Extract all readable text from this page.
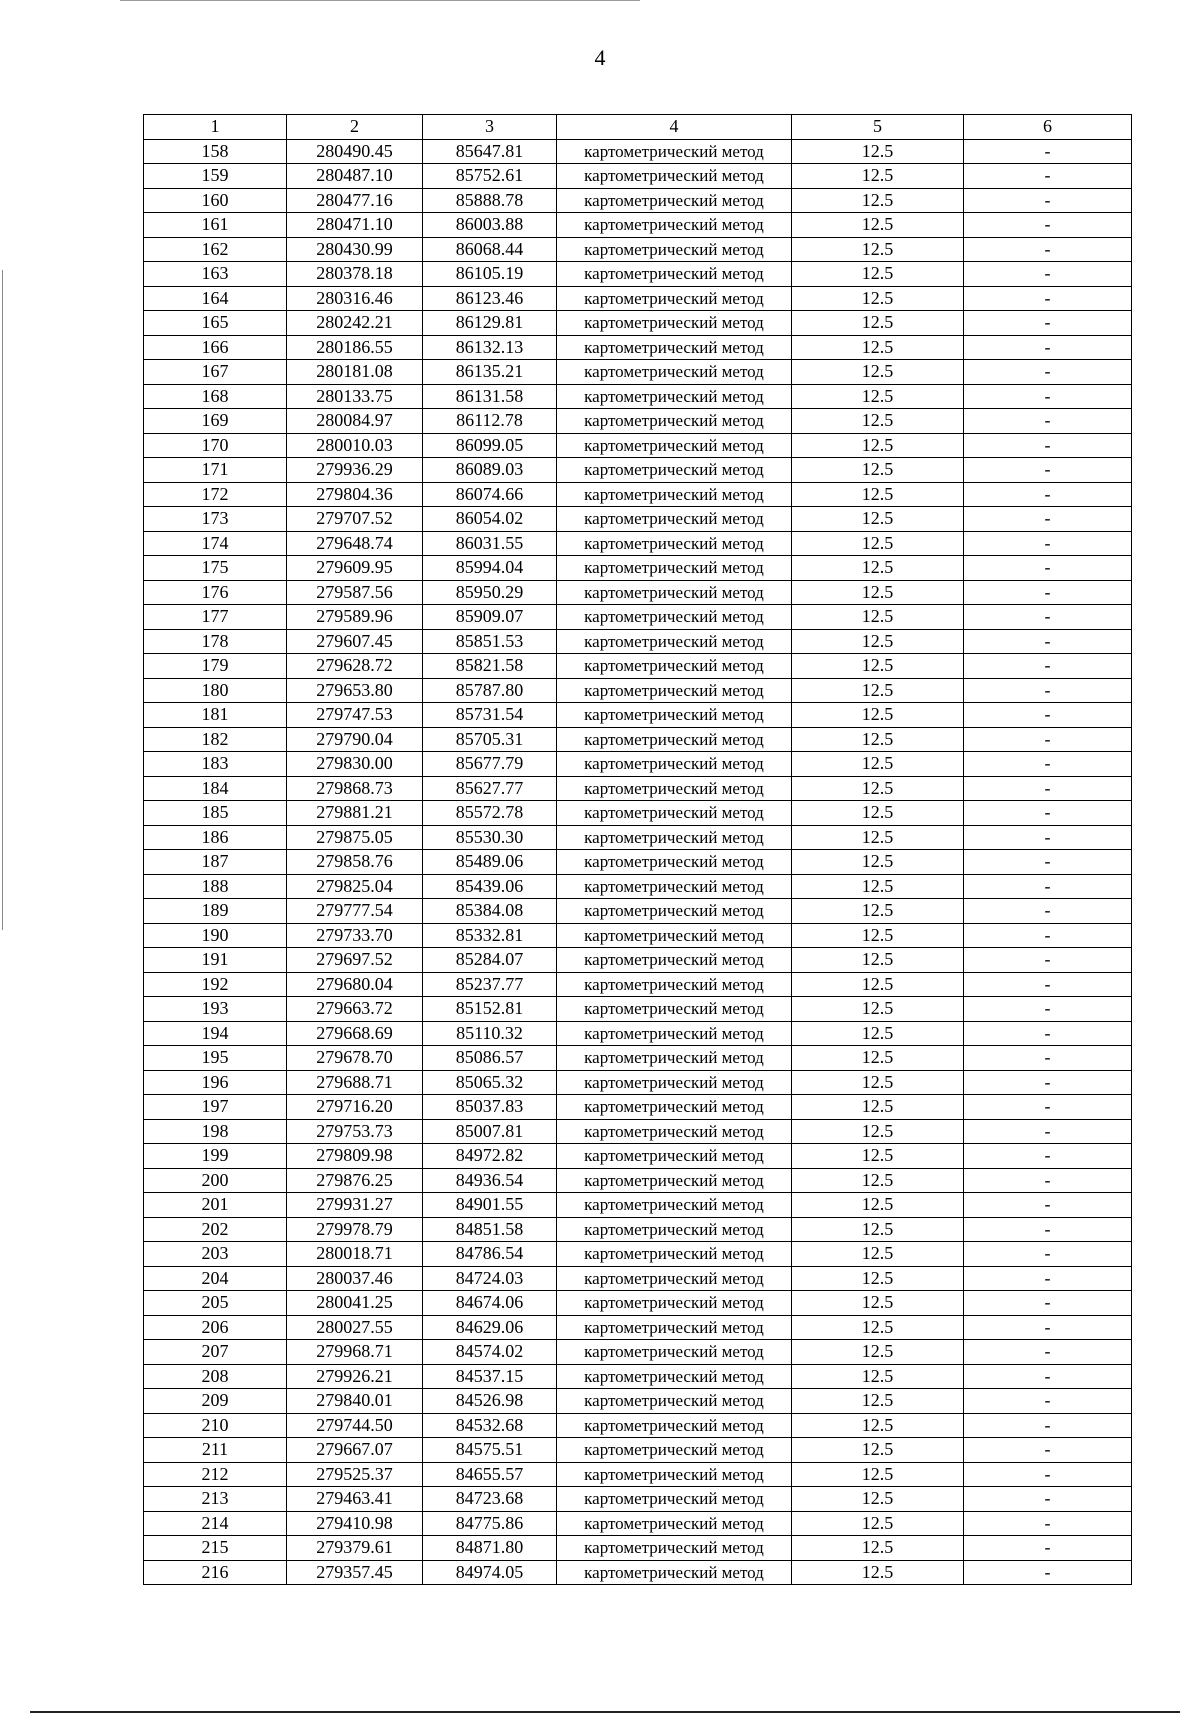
4
1	2	3	4	5	6
158	280490.45	85647.81	картометрический метод	12.5	-
159	280487.10	85752.61	картометрический метод	12.5	-
160	280477.16	85888.78	картометрический метод	12.5	-
161	280471.10	86003.88	картометрический метод	12.5	-
162	280430.99	86068.44	картометрический метод	12.5	-
163	280378.18	86105.19	картометрический метод	12.5	-
164	280316.46	86123.46	картометрический метод	12.5	-
165	280242.21	86129.81	картометрический метод	12.5	-
166	280186.55	86132.13	картометрический метод	12.5	-
167	280181.08	86135.21	картометрический метод	12.5	-
168	280133.75	86131.58	картометрический метод	12.5	-
169	280084.97	86112.78	картометрический метод	12.5	-
170	280010.03	86099.05	картометрический метод	12.5	-
171	279936.29	86089.03	картометрический метод	12.5	-
172	279804.36	86074.66	картометрический метод	12.5	-
173	279707.52	86054.02	картометрический метод	12.5	-
174	279648.74	86031.55	картометрический метод	12.5	-
175	279609.95	85994.04	картометрический метод	12.5	-
176	279587.56	85950.29	картометрический метод	12.5	-
177	279589.96	85909.07	картометрический метод	12.5	-
178	279607.45	85851.53	картометрический метод	12.5	-
179	279628.72	85821.58	картометрический метод	12.5	-
180	279653.80	85787.80	картометрический метод	12.5	-
181	279747.53	85731.54	картометрический метод	12.5	-
182	279790.04	85705.31	картометрический метод	12.5	-
183	279830.00	85677.79	картометрический метод	12.5	-
184	279868.73	85627.77	картометрический метод	12.5	-
185	279881.21	85572.78	картометрический метод	12.5	-
186	279875.05	85530.30	картометрический метод	12.5	-
187	279858.76	85489.06	картометрический метод	12.5	-
188	279825.04	85439.06	картометрический метод	12.5	-
189	279777.54	85384.08	картометрический метод	12.5	-
190	279733.70	85332.81	картометрический метод	12.5	-
191	279697.52	85284.07	картометрический метод	12.5	-
192	279680.04	85237.77	картометрический метод	12.5	-
193	279663.72	85152.81	картометрический метод	12.5	-
194	279668.69	85110.32	картометрический метод	12.5	-
195	279678.70	85086.57	картометрический метод	12.5	-
196	279688.71	85065.32	картометрический метод	12.5	-
197	279716.20	85037.83	картометрический метод	12.5	-
198	279753.73	85007.81	картометрический метод	12.5	-
199	279809.98	84972.82	картометрический метод	12.5	-
200	279876.25	84936.54	картометрический метод	12.5	-
201	279931.27	84901.55	картометрический метод	12.5	-
202	279978.79	84851.58	картометрический метод	12.5	-
203	280018.71	84786.54	картометрический метод	12.5	-
204	280037.46	84724.03	картометрический метод	12.5	-
205	280041.25	84674.06	картометрический метод	12.5	-
206	280027.55	84629.06	картометрический метод	12.5	-
207	279968.71	84574.02	картометрический метод	12.5	-
208	279926.21	84537.15	картометрический метод	12.5	-
209	279840.01	84526.98	картометрический метод	12.5	-
210	279744.50	84532.68	картометрический метод	12.5	-
211	279667.07	84575.51	картометрический метод	12.5	-
212	279525.37	84655.57	картометрический метод	12.5	-
213	279463.41	84723.68	картометрический метод	12.5	-
214	279410.98	84775.86	картометрический метод	12.5	-
215	279379.61	84871.80	картометрический метод	12.5	-
216	279357.45	84974.05	картометрический метод	12.5	-
